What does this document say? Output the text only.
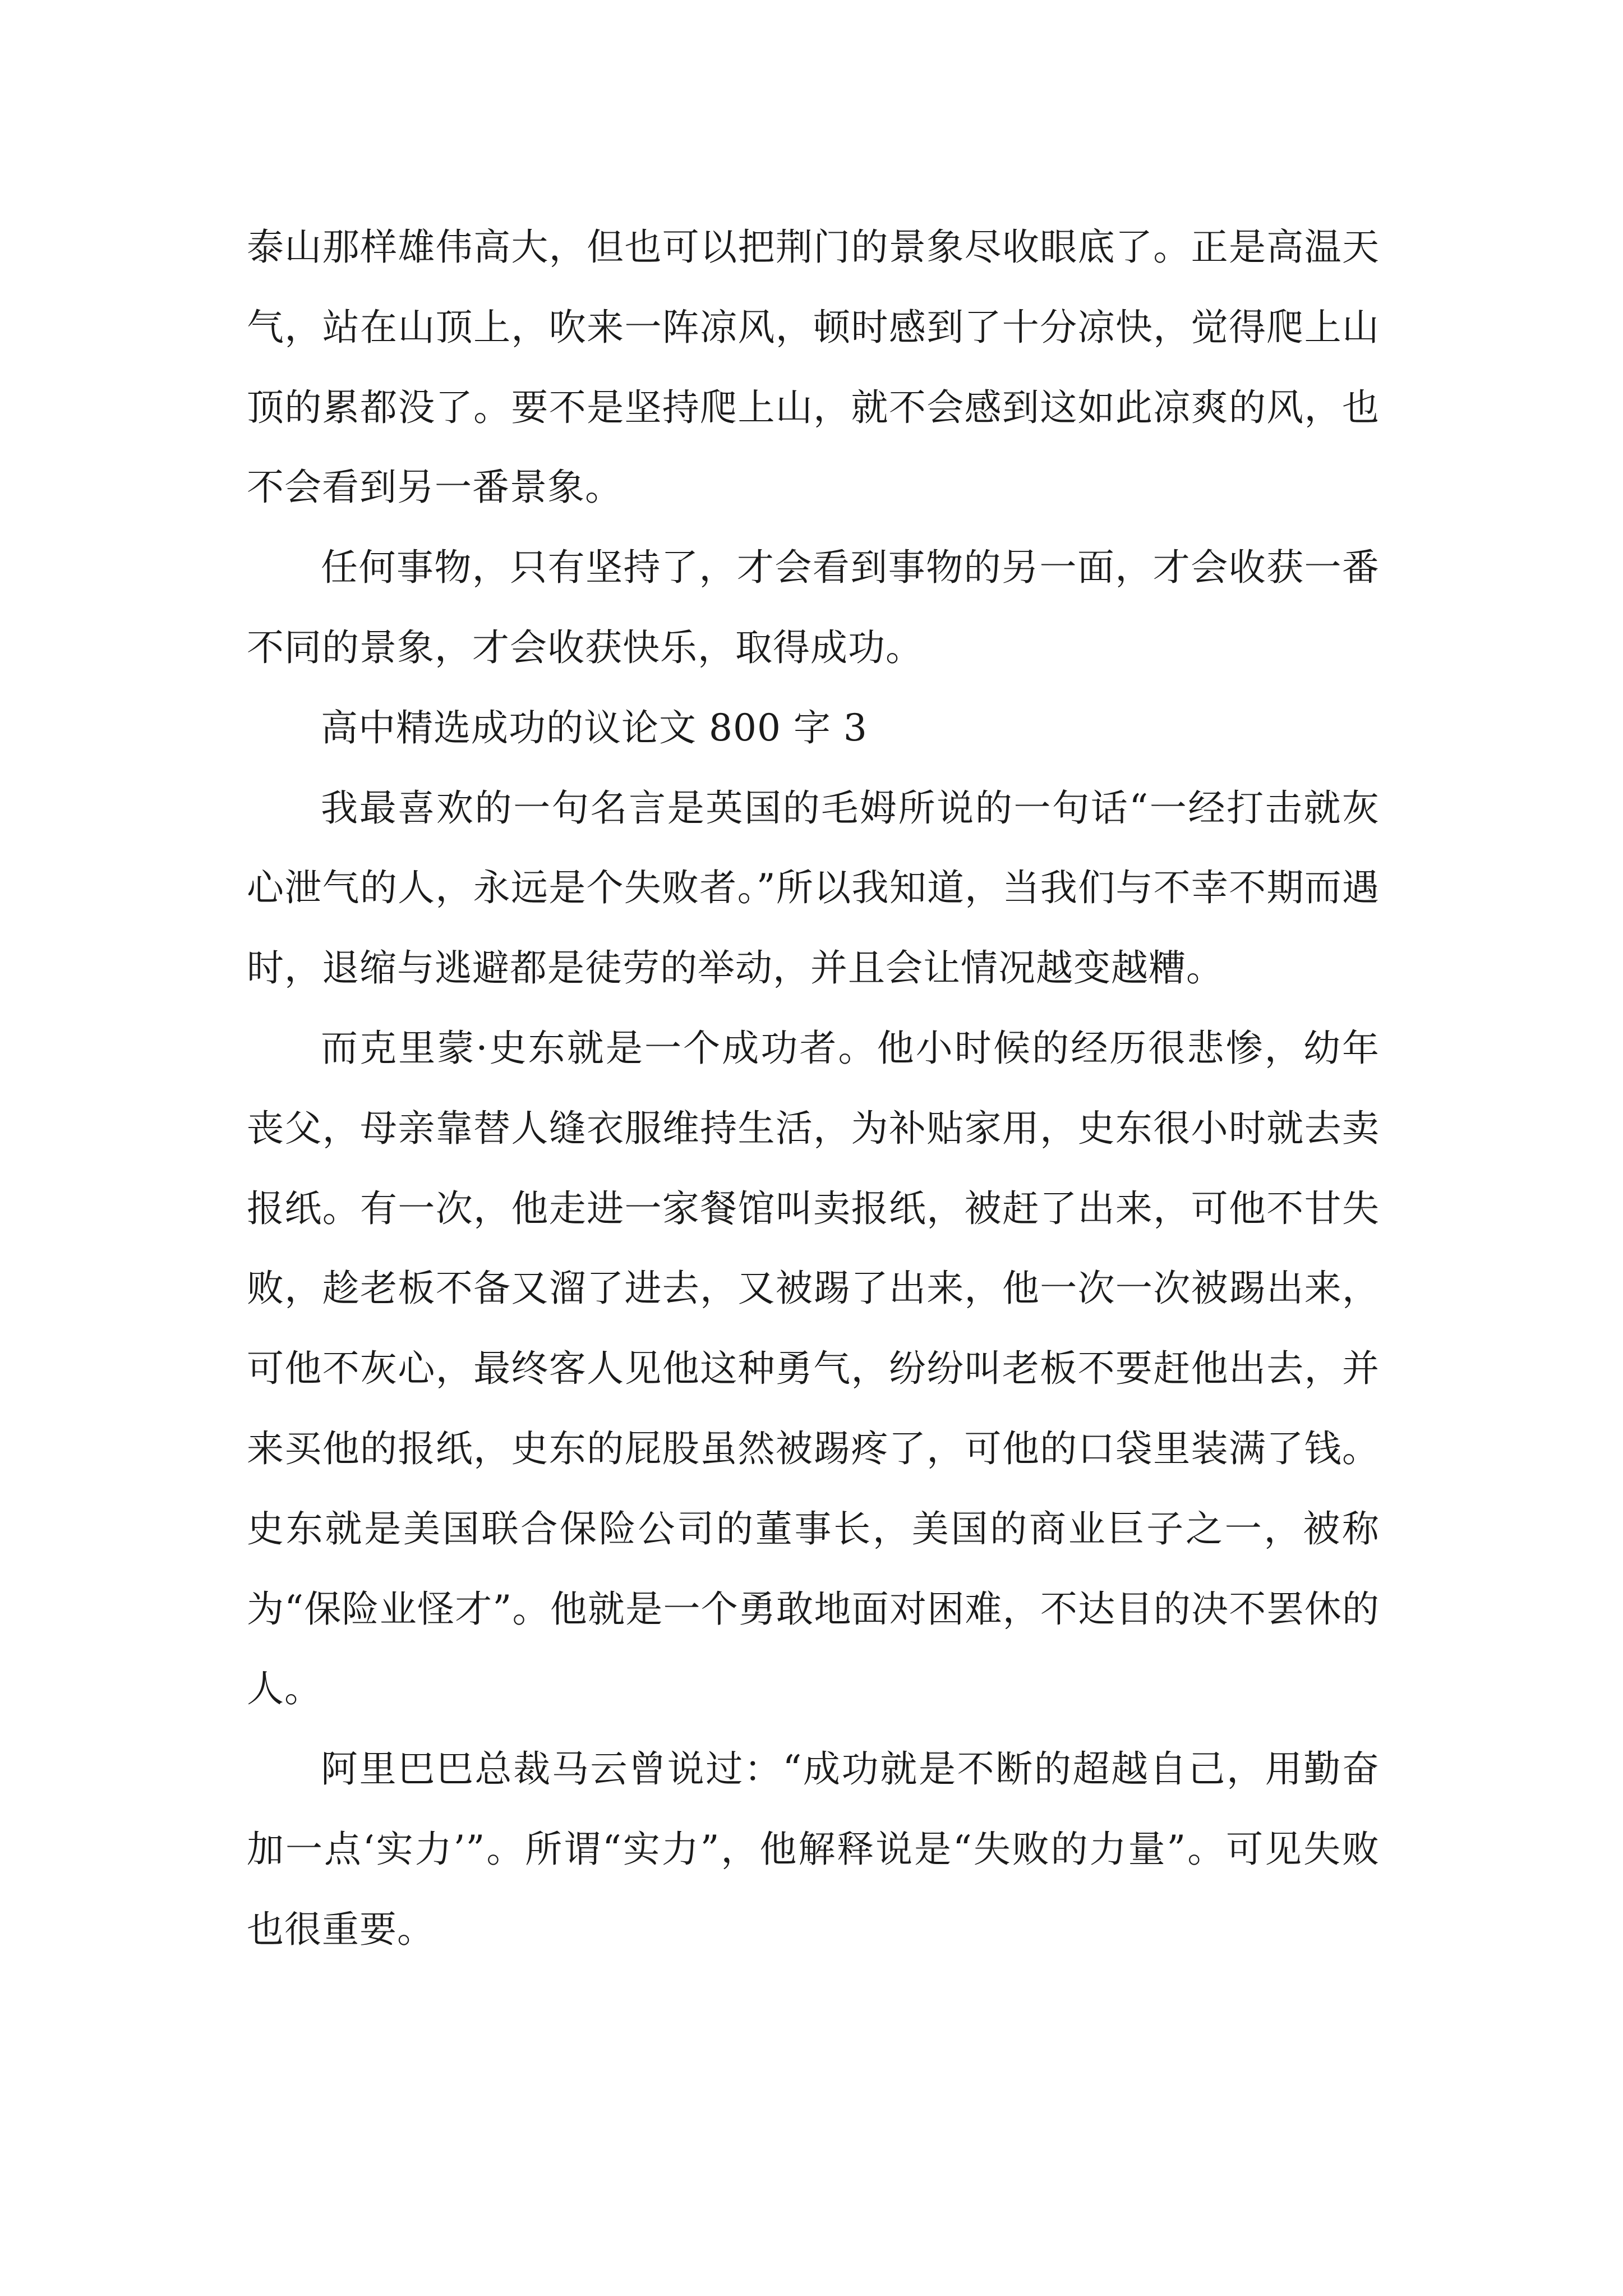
泰山那样雄伟高大，但也可以把荆门的景象尽收眼底了。正是高温天气，站在山顶上，吹来一阵凉风，顿时感到了十分凉快，觉得爬上山顶的累都没了。要不是坚持爬上山，就不会感到这如此凉爽的风，也不会看到另一番景象。

任何事物，只有坚持了，才会看到事物的另一面，才会收获一番不同的景象，才会收获快乐，取得成功。

高中精选成功的议论文 800 字 3

我最喜欢的一句名言是英国的毛姆所说的一句话“一经打击就灰心泄气的人，永远是个失败者。”所以我知道，当我们与不幸不期而遇时，退缩与逃避都是徒劳的举动，并且会让情况越变越糟。

而克里蒙·史东就是一个成功者。他小时候的经历很悲惨，幼年丧父，母亲靠替人缝衣服维持生活，为补贴家用，史东很小时就去卖报纸。有一次，他走进一家餐馆叫卖报纸，被赶了出来，可他不甘失败，趁老板不备又溜了进去，又被踢了出来，他一次一次被踢出来，可他不灰心，最终客人见他这种勇气，纷纷叫老板不要赶他出去，并来买他的报纸，史东的屁股虽然被踢疼了，可他的口袋里装满了钱。史东就是美国联合保险公司的董事长，美国的商业巨子之一，被称为“保险业怪才”。他就是一个勇敢地面对困难，不达目的决不罢休的人。

阿里巴巴总裁马云曾说过：“成功就是不断的超越自己，用勤奋加一点‘实力’”。所谓“实力”，他解释说是“失败的力量”。可见失败也很重要。
